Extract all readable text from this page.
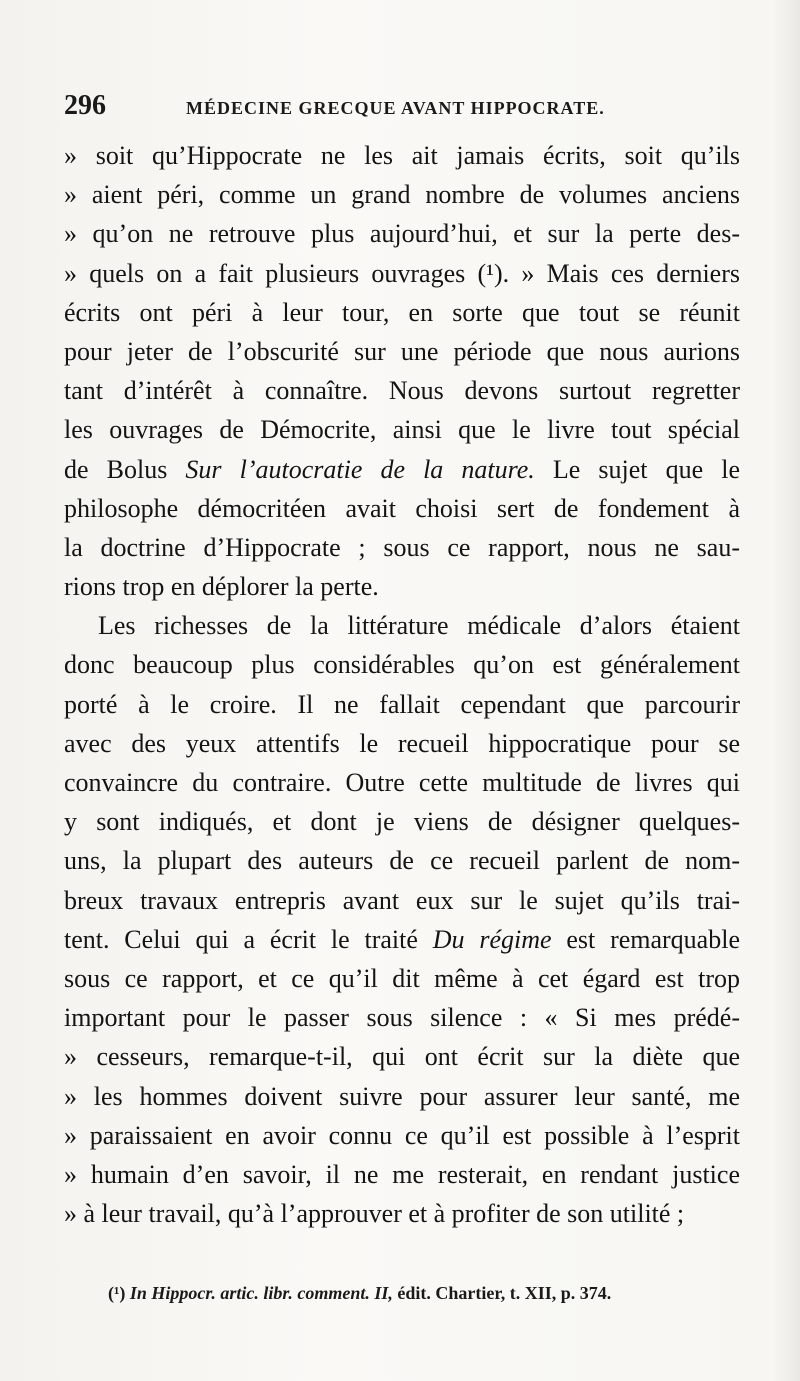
296	MÉDECINE GRECQUE AVANT HIPPOCRATE.
» soit qu’Hippocrate ne les ait jamais écrits, soit qu’ils
» aient péri, comme un grand nombre de volumes anciens
» qu’on ne retrouve plus aujourd’hui, et sur la perte des-
» quels on a fait plusieurs ouvrages (¹). » Mais ces derniers
écrits ont péri à leur tour, en sorte que tout se réunit
pour jeter de l’obscurité sur une période que nous aurions
tant d’intérêt à connaître. Nous devons surtout regretter
les ouvrages de Démocrite, ainsi que le livre tout spécial
de Bolus Sur l’autocratie de la nature. Le sujet que le
philosophe démocritéen avait choisi sert de fondement à
la doctrine d’Hippocrate ; sous ce rapport, nous ne sau-
rions trop en déplorer la perte.
Les richesses de la littérature médicale d’alors étaient
donc beaucoup plus considérables qu’on est généralement
porté à le croire. Il ne fallait cependant que parcourir
avec des yeux attentifs le recueil hippocratique pour se
convaincre du contraire. Outre cette multitude de livres qui
y sont indiqués, et dont je viens de désigner quelques-
uns, la plupart des auteurs de ce recueil parlent de nom-
breux travaux entrepris avant eux sur le sujet qu’ils trai-
tent. Celui qui a écrit le traité Du régime est remarquable
sous ce rapport, et ce qu’il dit même à cet égard est trop
important pour le passer sous silence : « Si mes prédé-
» cesseurs, remarque-t-il, qui ont écrit sur la diète que
» les hommes doivent suivre pour assurer leur santé, me
» paraissaient en avoir connu ce qu’il est possible à l’esprit
» humain d’en savoir, il ne me resterait, en rendant justice
» à leur travail, qu’à l’approuver et à profiter de son utilité ;
(¹) In Hippocr. artic. libr. comment. II, édit. Chartier, t. XII, p. 374.
